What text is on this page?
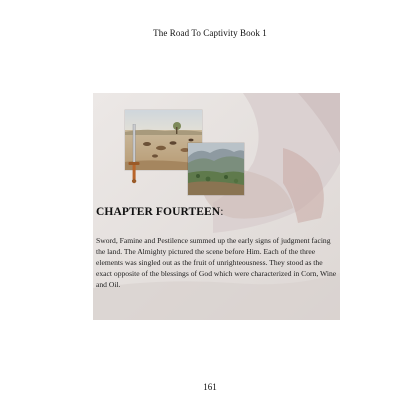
The Road To Captivity Book 1
CHAPTER FOURTEEN:
Sword, Famine and Pestilence summed up the early signs of judgment facing the land. The Almighty pictured the scene before Him. Each of the three elements was singled out as the fruit of unrighteousness. They stood as the exact opposite of the blessings of God which were characterized in Corn, Wine and Oil.
161
